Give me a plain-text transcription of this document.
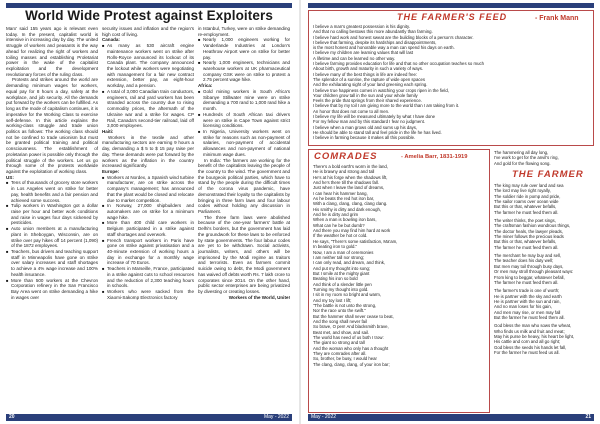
World Wide Protest against Exploiters

Marx' said 155 years ago is relevant even today. In the present, capitalist world is intensive in increasing day by day. The united struggle of workers and peasants is the way ahead for realizing the right of workers and toiling masses and establishing Proletariat power in the wake of the capitalist exploitation and the development revolutionary forces of the ruling class.

Protests and strikes around the world are demanding minimum wages for workers, equal pay for 8 hours a day, safety at the workplace, and job security. All the demands put forward by the workers can be fulfilled. As long as the mode of capitalism continues, it is imperative for the Working Class to exercise self-defense. In this article explains the working-class struggle and trade union politics as follows: The working class should not be confined to trade unionism but must be granted political training and political consciousness. The establishment of proletarian power is possible only through the political struggle of the workers. Let us go through some of the protests worldwide against the exploitation of working class.

US:

■ Tens of thousands of grocery store workers in Los Angeles went on strike for better pay, health benefits and a fair pension and achieved some success.

■ Tulip workers in Washington got a dollar raise per hour and better work conditions and raise in wages four days sickened by pesticides.

■ Auto union members at a manufacturing plant in Sheboygan, Wisconsin, are on strike over pay hikes off 14 percent (1,090) of the 1872 employees.

■ Teachers, bus drivers and teaching support staff in Minneapolis have gone on strike over salary increases and staff shortages to achieve a 4% wage increase and 100% health insurance.

■ More than 500 workers at the Chevron Corporation refinery in the San Francisco Bay Area went on strike demanding a hike in wages over

security issues and inflation and the region's high cost of living.

Canada:

■ As many as 530 aircraft engine maintenance workers went on strike after Rolls-Royce announced its lockout of its Canada plant. The company announced the lockout while workers were negotiating with management for a fair new contract extension, better pay, an eight-hour workday, and a pension.

■ A total of 3,000 Canadian train conductors, engineers, rail and yard workers has been stranded across the country due to rising commodity prices, the aftermath of the Ukraine war and a strike for wages. CP Rail, Canada's second-tier railroad, laid off 3,000 employees.

Haiti:

Workers in the textile and other manufacturing sectors are earning 9 hours a day, demanding a $ 5 to $ 15 pay raise per day. These demands were put forward by the workers as the inflation in the country increased significantly.

Europe:

■ Workers at Nordex, a Spanish wind turbine manufacturer, are on strike across the company's management; has announced that the plant would be closed and relocate due to market competition.

■ In Norway, 27,000 shipbuilders and automakers are on strike for a minimum wage hike.

■ More than 400 child care workers in Belgium participated in a strike against staff shortages and overwork.

■ French transport workers in Paris have gone on strike against privatisation and a 40-minute extension of working hours a day in exchange for a monthly wage increase of 70 Euros.

■ Teachers in Marseille, France, participated in a strike against cuts to school resources and the reduction of 2,300 teaching hours in schools.

■ Workers who were sacked from the Xiaomi-Sakomp Electronics factory

in Istanbul, Turkey, were on strike demanding re-employment.

■ Nearly 1,000 engineers working for Vanderlande Industries at London's Heathrow Airport were on strike for better pay.

■ Nearly 1,000 engineers, technicians and warehouse workers at UK pharmaceutical company GSK were on strike to protest a 2.75 percent wage hike.

Africa:

■ Gold mining workers in South Africa's Sibanye Stillwater mine were on strike demanding a 700 rand to 1,000 rand hike a month.

■ Hundreds of South African taxi drivers were on strike in Cape Town against strict licensing conditions.

■ In Nigeria, University workers went on strike for reasons such as non-payment of salaries, non-payment of accidental allowances and non-payment of national minimum wage dues.

In India: The farmers are working for the benefit of the capitalists leaving the people of the country to the wind. The government and the bourgeois political parties, which have to stand by the people during the difficult times of the corona virus pandemic, have demonstrated their loyalty to the capitalists by bringing in three farm laws and four labour codes without holding any discussion in Parliament.

The three farm laws were abolished because of the one-year farmers' battle at Delhi's borders, but the government has laid the groundwork for these laws to be enforced by state governments. The four labour codes are yet to be withdrawn. Social activists, journalists, writers, and others will be imprisoned by the Modi regime as traitors and terrorists. Even as farmers commit suicide owing to debt, the Modi government has waived off debts worth Rs. 7 lakh crore to corporates since 2014. On the other hand, public sector enterprises are being privatized by divesting or creating losses.

Workers of the World, Unite!

20	May - 2022
THE FARMER'S FEED	- Frank Mann
I believe a man's greatest possession is his dignity.
And that no calling bestows this more abundantly than farming.
I believe hard work and honest sweat are the building blocks of a person's character.
I believe that farming, despite its hardships and disappointments,
is the most honest and honorable way a man can spend his days on earth.
I believe my children are learning values that will last
A lifetime and can be learned no other way.
I believe farming provides education for life and that no other occupation teaches so much
About birth, growth and maturity in such a variety of ways.
I believe many of the best things in life are indeed free:
The splendor of a sunrise, the rapture of wide open spaces
And the exhilarating sight of your land greening each spring.
I believe true happiness comes in watching your crops ripen in the field,
Your children grow tall in the sun and your whole family
Feels the pride that springs from their shared experience.
I believe that by my toil I am giving more to the world than I am taking from it.
An honor that does not come to all men.
I believe my life will be measured ultimately by what I have done
For my fellow man and by this standard I fear no judgment.
I believe when a man grows old and sums up his days,
He should be able to stand tall and feel pride in the life he has lived.
I believe in farming because it makes all this possible.
COMRADES	- Amelia Barr, 1831-1919
There's a bold earth's worm in the land,
He is brawny and strong and tall
He's at his forge when the shadows lift,
And he's there till the shadows fall.
Just when I leave the land of dreams,
I can hear his hammer bang,
As he beats the red hot iron bar,
With a clang, clang, clang, clang clang.
His smithy is dirty and dark enough,
And he is dirty and grim
When a man is bowling iron bars,
What can he be but dumb?
And there you may find him hard at work
If the weather be hot or cold.
He says, "There's some satisfaction, Ma'am,
In beating iron to gold."
Now, I am a man of ceremonies
I am neither tall nor strong;
I can only read, and dream, and think,
And put my thought into song;
But I smile at the mighty giant
Beating his iron so bold
And think of a slender little pen
Turning my thought into gold.
I sit in my room so bright and warm,
And my toy lost I lift;
"The battle is not unto the strong,
Nor the race unto the swift."
But the hammer shall never cease to beat,
And the song shall never fail
So brave, O pen! And blacksmith brave,
Beat met, and show, and sail.
The world has need of us both I trow:
The giant so strong and tall
And the woman who only has a thought
They are comrades after all.
So, brother, be busy, I would hear
The clang, clang, clang, of your iron bar;
The hammering all day long,
I've work to get for the anvil's ring,
And gold for the flowing song.
THE FARMER
The king may rule over land and sea
The lord may live right royally,
The soldier ride in pomp and pride,
The sailor roams over ocean wide
But this or that, whatever befalls,
The farmer he must feed them all.
The writer thinks, the poet sings,
The craftsman fashion wondrous things,
The doctor heals, the lawyer pleads,
The miner follows the precious leads
But this or that, whatever befalls,
The farmer he must feed them all.
The merchant he may buy and sell,
The teacher does his duty well;
But men may toil through busy days,
Or men may stroll through pleasant ways:
From king to beggar, whatever befall,
The farmer he must feed them all.
The farmer's trade is one of worth;
He is partner with the sky and earth
He is partner with the sun and rain,
And no man loses for his gain,
And men may rise, or men may fall
But the farmer he must feed them all.
God bless the man who sows the wheat,
Who finds us milk and fruit and meat;
May his purse be heavy, his heart be light,
His cattle and corn and all go right;
God bless the seeds his hands let fall,
For the farmer he must feed us all.
May - 2022	21
